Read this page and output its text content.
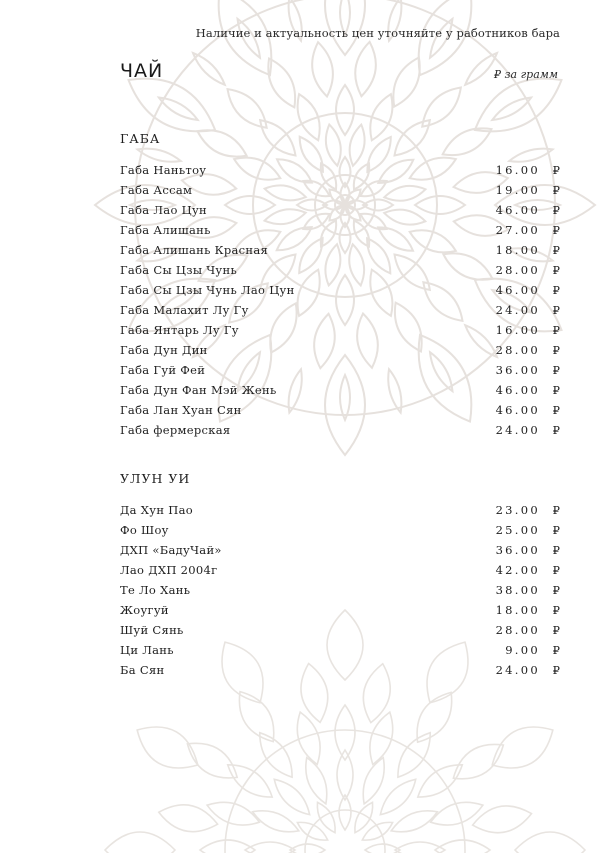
Наличие и актуальность цен уточняйте у работников бара
ЧАЙ	₽ за грамм
ГАБА
Габа Наньтоу	16.00	₽
Габа Ассам	19.00	₽
Габа Лао Цун	46.00	₽
Габа Алишань	27.00	₽
Габа Алишань Красная	18.00	₽
Габа Сы Цзы Чунь	28.00	₽
Габа Сы Цзы Чунь Лао Цун	46.00	₽
Габа Малахит Лу Гу	24.00	₽
Габа Янтарь Лу Гу	16.00	₽
Габа Дун Дин	28.00	₽
Габа Гуй Фей	36.00	₽
Габа Дун Фан Мэй Жень	46.00	₽
Габа Лан Хуан Сян	46.00	₽
Габа фермерская	24.00	₽
УЛУН УИ
Да Хун Пао	23.00	₽
Фо Шоу	25.00	₽
ДХП «БадуЧай»	36.00	₽
Лао ДХП 2004г	42.00	₽
Те Ло Хань	38.00	₽
Жоугуй	18.00	₽
Шуй Сянь	28.00	₽
Ци Лань	9.00	₽
Ба Сян	24.00	₽
